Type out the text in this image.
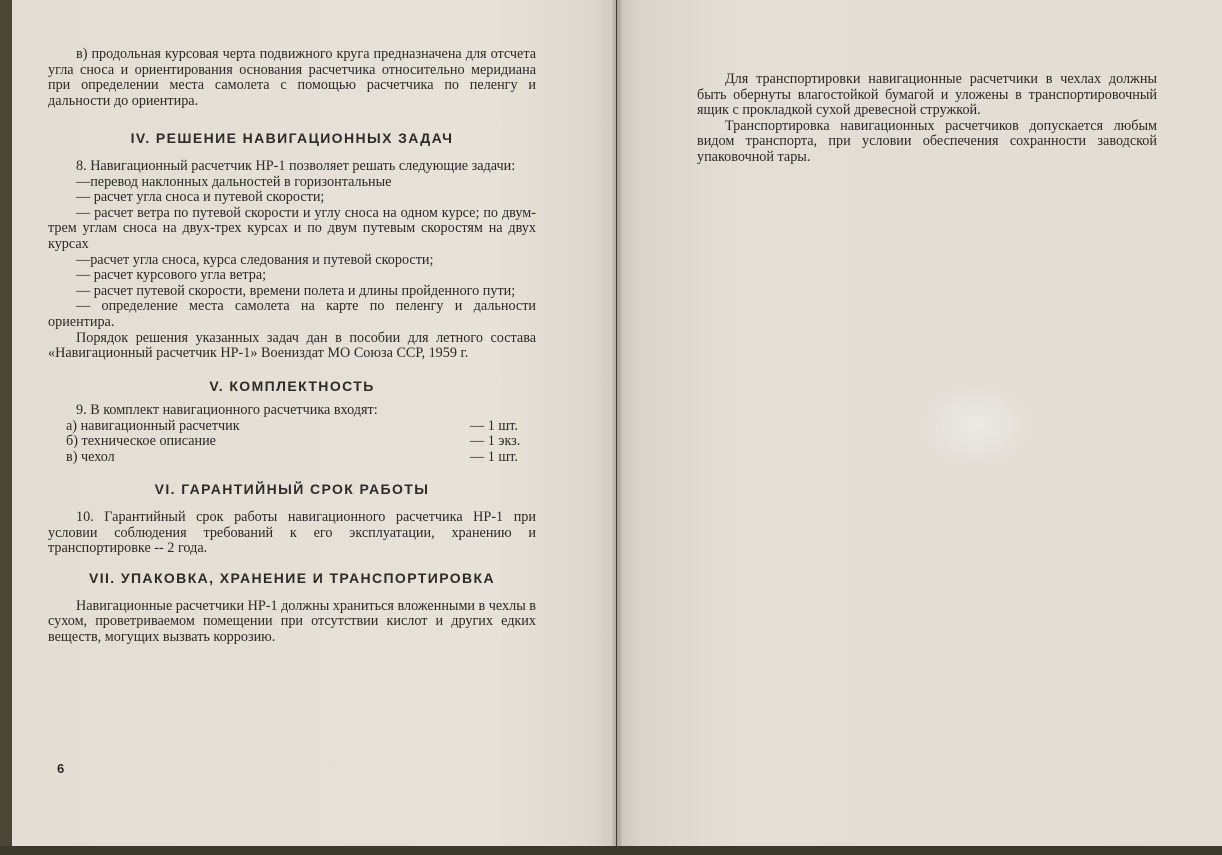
в) продольная курсовая черта подвижного круга предназначена для отсчета угла сноса и ориентирования основания расчетчика относительно меридиана при определении места самолета с помощью расчетчика по пеленгу и дальности до ориентира.

IV. РЕШЕНИЕ НАВИГАЦИОННЫХ ЗАДАЧ

8. Навигационный расчетчик НР-1 позволяет решать следующие задачи:

—перевод наклонных дальностей в горизонтальные

— расчет угла сноса и путевой скорости;

— расчет ветра по путевой скорости и углу сноса на одном курсе; по двум-трем углам сноса на двух-трех курсах и по двум путевым скоростям на двух курсах

—расчет угла сноса, курса следования и путевой скорости;

— расчет курсового угла ветра;

— расчет путевой скорости, времени полета и длины пройденного пути;

— определение места самолета на карте по пеленгу и дальности ориентира.

Порядок решения указанных задач дан в пособии для летного состава «Навигационный расчетчик НР-1» Воениздат МО Союза ССР, 1959 г.

V. КОМПЛЕКТНОСТЬ

9. В комплект навигационного расчетчика входят:

а) навигационный расчетчик	— 1 шт.
б) техническое описание	— 1 экз.
в) чехол	— 1 шт.
VI. ГАРАНТИЙНЫЙ СРОК РАБОТЫ

10. Гарантийный срок работы навигационного расчетчика НР-1 при условии соблюдения требований к его эксплуатации, хранению и транспортировке -- 2 года.

VII. УПАКОВКА, ХРАНЕНИЕ И ТРАНСПОРТИРОВКА

Навигационные расчетчики НР-1 должны храниться вложенными в чехлы в сухом, проветриваемом помещении при отсутствии кислот и других едких веществ, могущих вызвать коррозию.

6

Для транспортировки навигационные расчетчики в чехлах должны быть обернуты влагостойкой бумагой и уложены в транспортировочный ящик с прокладкой сухой древесной стружкой.

Транспортировка навигационных расчетчиков допускается любым видом транспорта, при условии обеспечения сохранности заводской упаковочной тары.
